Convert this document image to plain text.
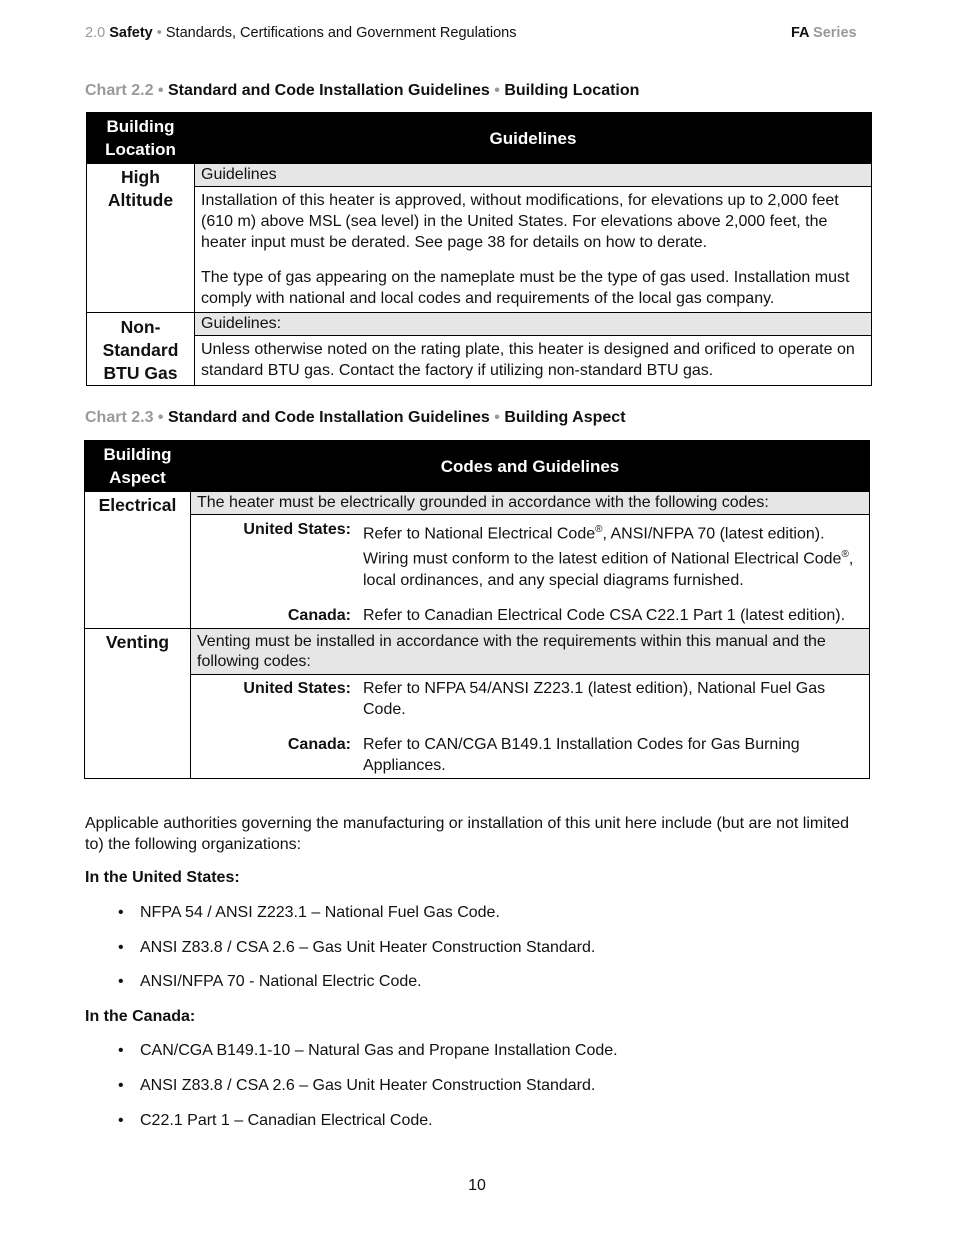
2.0 Safety • Standards, Certifications and Government Regulations	FA Series
Chart 2.2 • Standard and Code Installation Guidelines • Building Location
Building Location	Guidelines
High Altitude	Guidelines

	Installation of this heater is approved, without modifications, for elevations up to 2,000 feet (610 m) above MSL (sea level) in the United States. For elevations above 2,000 feet, the heater input must be derated. See page 38 for details on how to derate.

The type of gas appearing on the nameplate must be the type of gas used. Installation must comply with national and local codes and requirements of the local gas company.

Non-Standard BTU Gas	Guidelines:
	Unless otherwise noted on the rating plate, this heater is designed and orificed to operate on standard BTU gas. Contact the factory if utilizing non-standard BTU gas.
Chart 2.3 • Standard and Code Installation Guidelines • Building Aspect
Building Aspect	Codes and Guidelines
Electrical	The heater must be electrically grounded in accordance with the following codes:

	United States: Refer to National Electrical Code®, ANSI/NFPA 70 (latest edition). Wiring must conform to the latest edition of National Electrical Code®, local ordinances, and any special diagrams furnished.
Canada: Refer to Canadian Electrical Code CSA C22.1 Part 1 (latest edition).

Venting	Venting must be installed in accordance with the requirements within this manual and the following codes:

	United States: Refer to NFPA 54/ANSI Z223.1 (latest edition), National Fuel Gas Code.
Canada: Refer to CAN/CGA B149.1 Installation Codes for Gas Burning Appliances.
Applicable authorities governing the manufacturing or installation of this unit here include (but are not limited to) the following organizations:
In the United States:
• NFPA 54 / ANSI Z223.1 – National Fuel Gas Code.
• ANSI Z83.8 / CSA 2.6 – Gas Unit Heater Construction Standard.
• ANSI/NFPA 70 - National Electric Code.
In the Canada:
• CAN/CGA B149.1-10 – Natural Gas and Propane Installation Code.
• ANSI Z83.8 / CSA 2.6 – Gas Unit Heater Construction Standard.
• C22.1 Part 1 – Canadian Electrical Code.
10
